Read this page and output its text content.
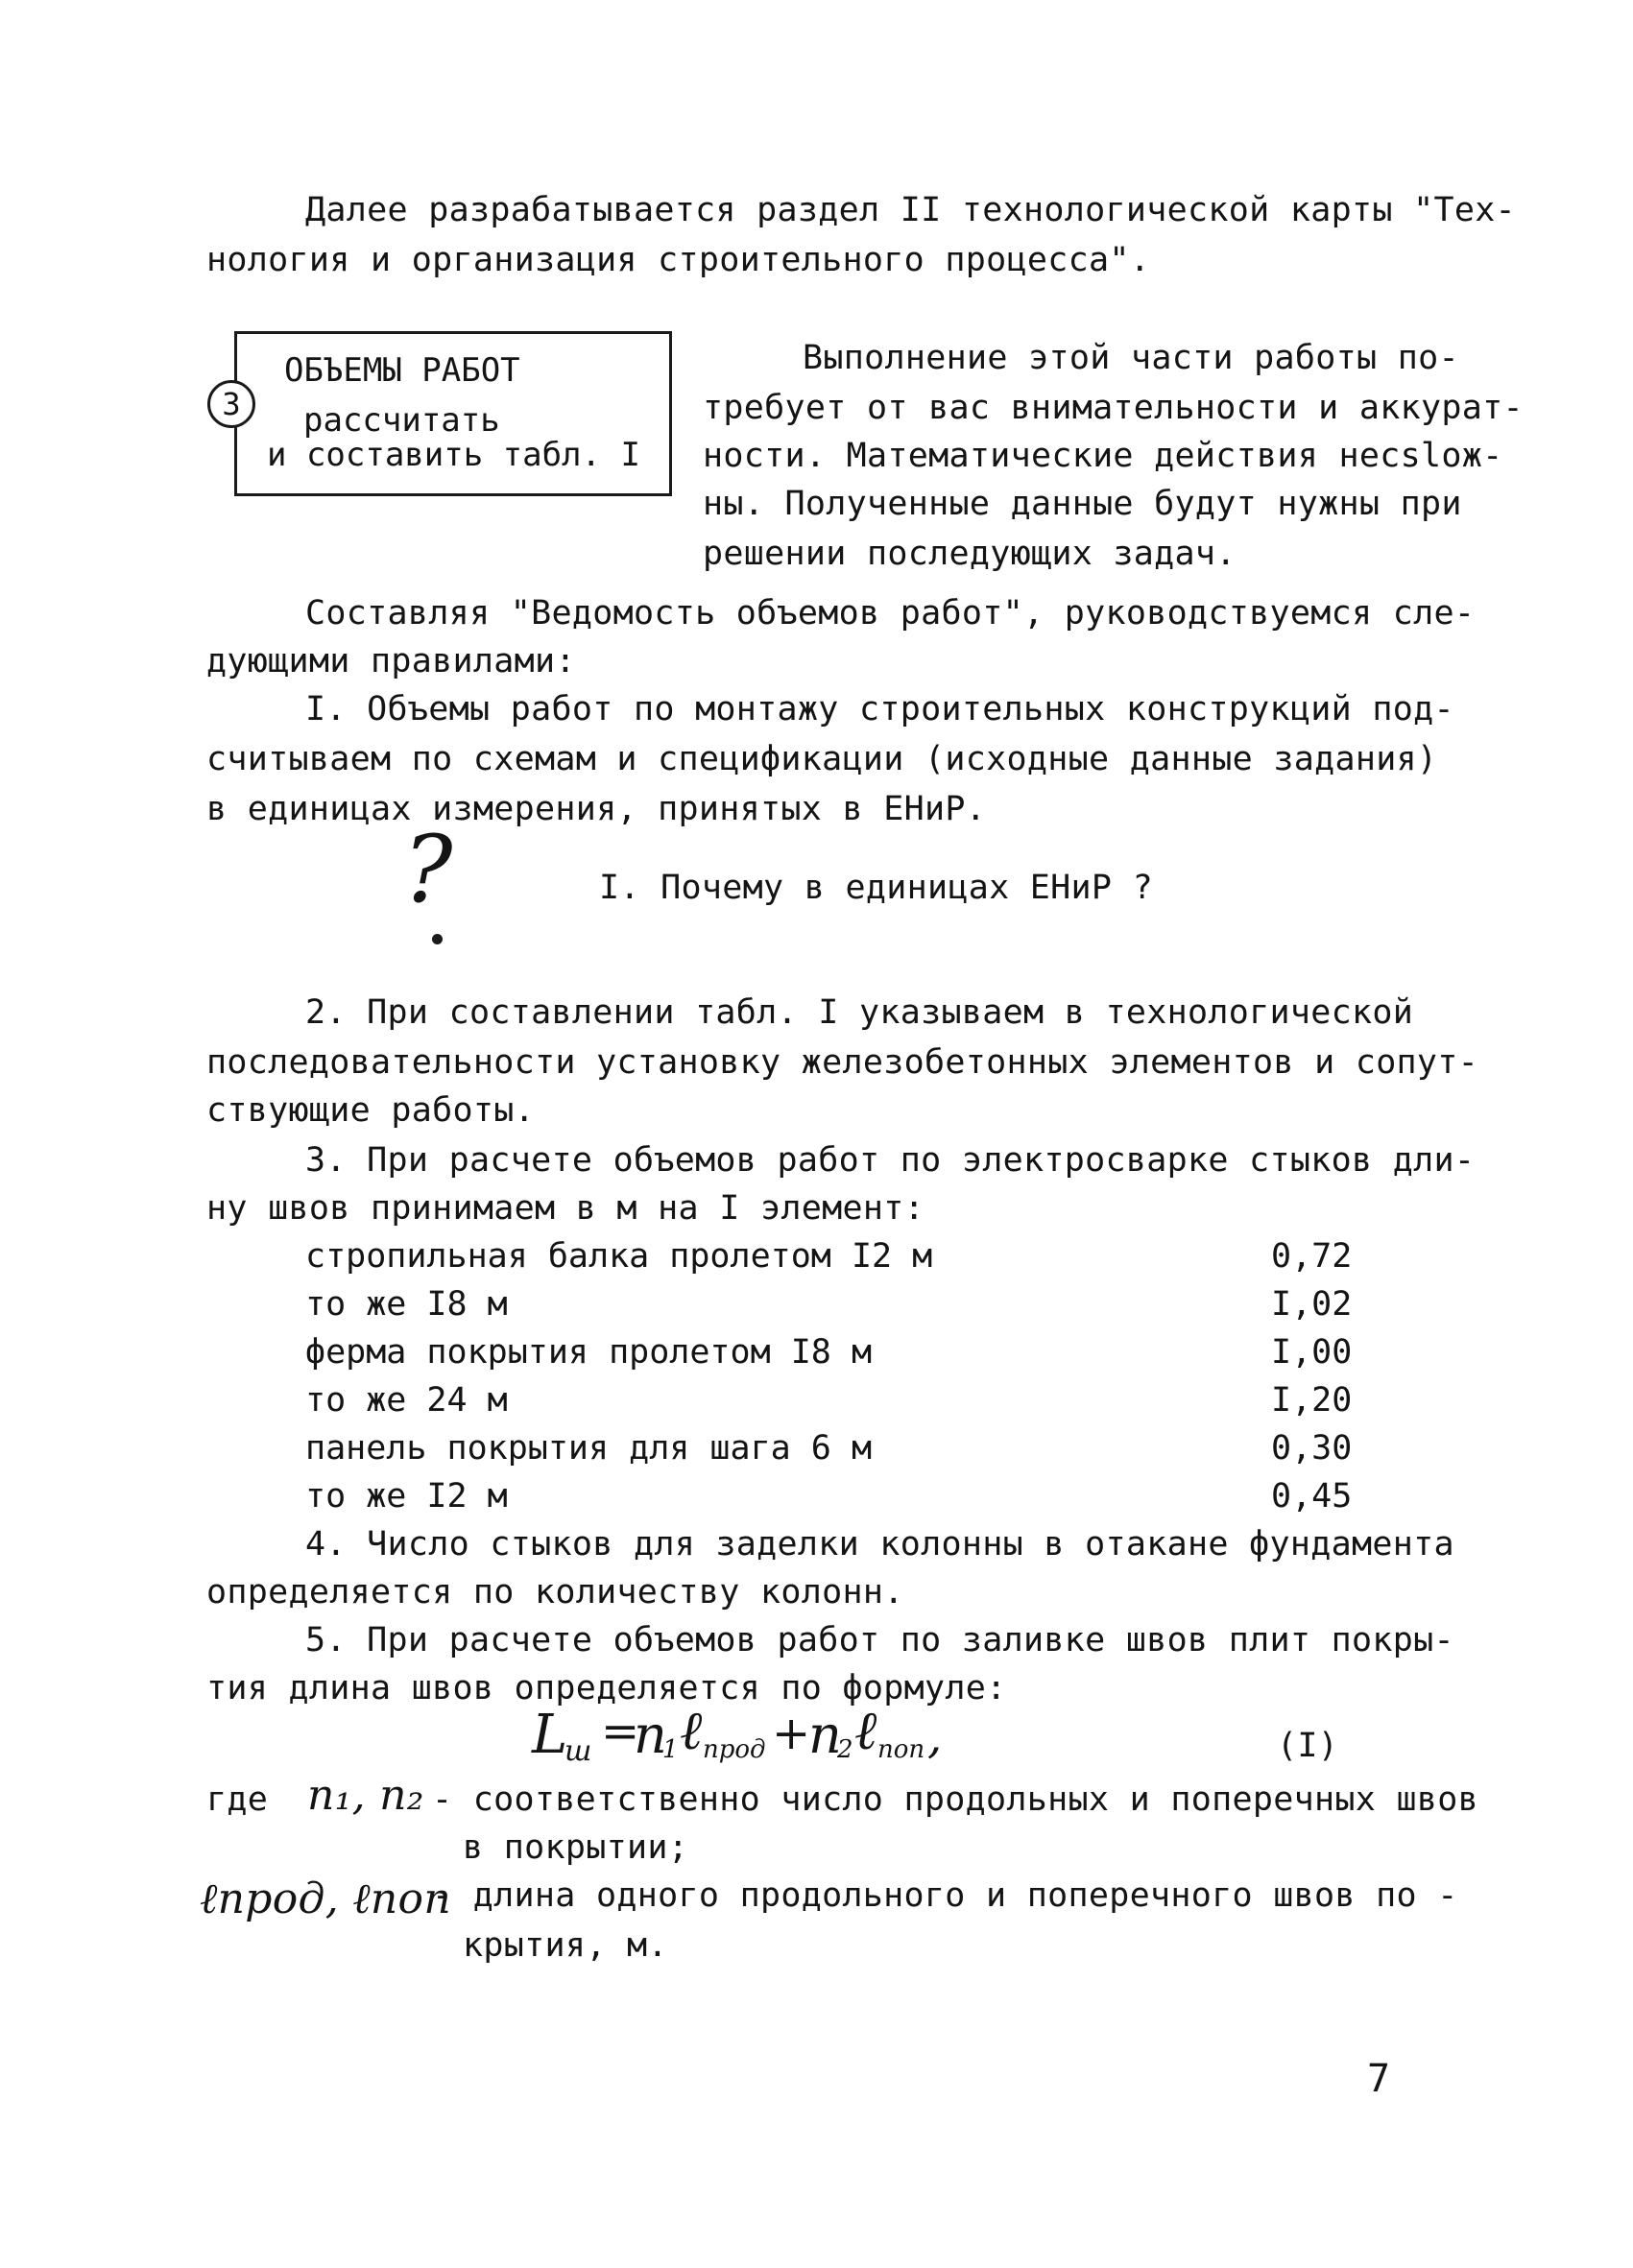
Далее разрабатывается раздел II технологической карты "Тех-
нология и организация строительного процесса".
3
ОБЪЕМЫ РАБОТ
рассчитать
и составить табл. I
Выполнение этой части работы по-
требует от вас внимательности и аккурат-
ности. Математические действия несslож-
ны. Полученные данные будут нужны при
решении последующих задач.
Составляя "Ведомость объемов работ", руководствуемся сле-
дующими правилами:
I. Объемы работ по монтажу строительных конструкций под-
считываем по схемам и спецификации (исходные данные задания)
в единицах измерения, принятых в ЕНиР.
?	I. Почему в единицах ЕНиР ?
2. При составлении табл. I указываем в технологической
последовательности установку железобетонных элементов и сопут-
ствующие работы.
3. При расчете объемов работ по электросварке стыков дли-
ну швов принимаем в м на I элемент:
стропильная балка пролетом I2 м	0,72
то же I8 м	I,02
ферма покрытия пролетом I8 м	I,00
то же 24 м	I,20
панель покрытия для шага 6 м	0,30
то же I2 м	0,45
4. Число стыков для заделки колонны в отакане фундамента
определяется по количеству колонн.
5. При расчете объемов работ по заливке швов плит покры-
тия длина швов определяется по формуле:
L
ш =
n
1 ℓ прод +
n
2 ℓ поп ,	(I)
где n₁, n₂ - соответственно число продольных и поперечных швов
в покрытии;
ℓпрод, ℓпоп
- длина одного продольного и поперечного швов по -
крытия, м.
7
